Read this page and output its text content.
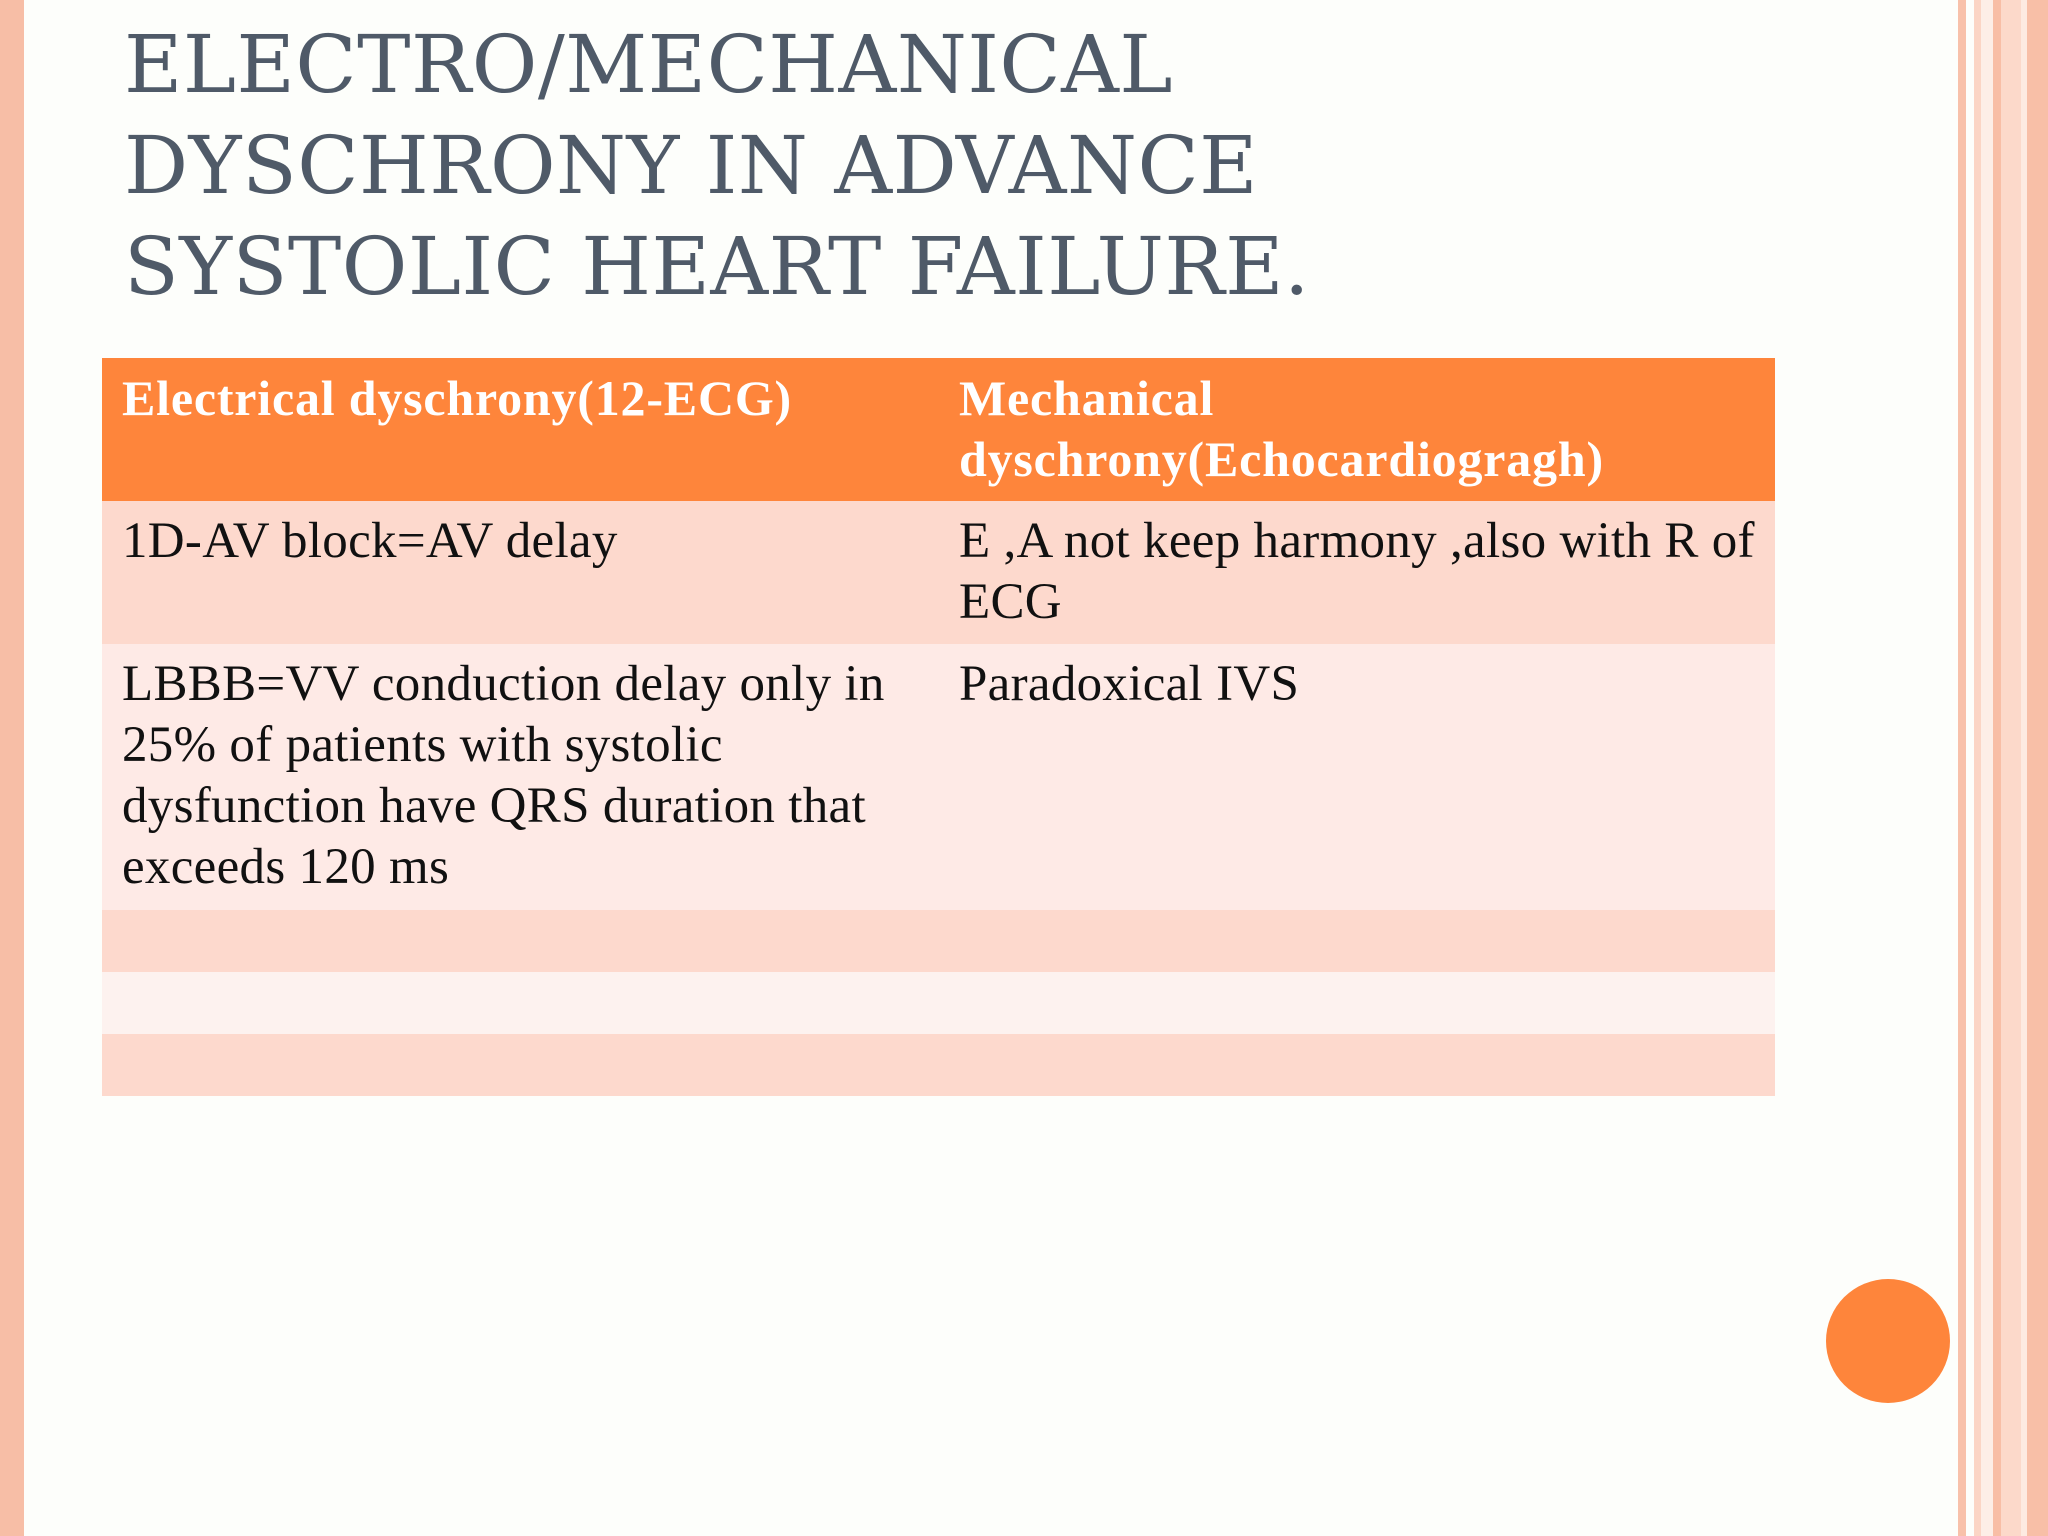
ELECTRO/MECHANICAL
DYSCHRONY IN ADVANCE
SYSTOLIC HEART FAILURE.
Electrical dyschrony(12-ECG)	Mechanical dyschrony(Echocardiogragh)
1D-AV block=AV delay	E ,A not keep harmony ,also with R of ECG
LBBB=VV conduction delay only in 25% of patients with systolic dysfunction have QRS duration that exceeds 120 ms	Paradoxical IVS
